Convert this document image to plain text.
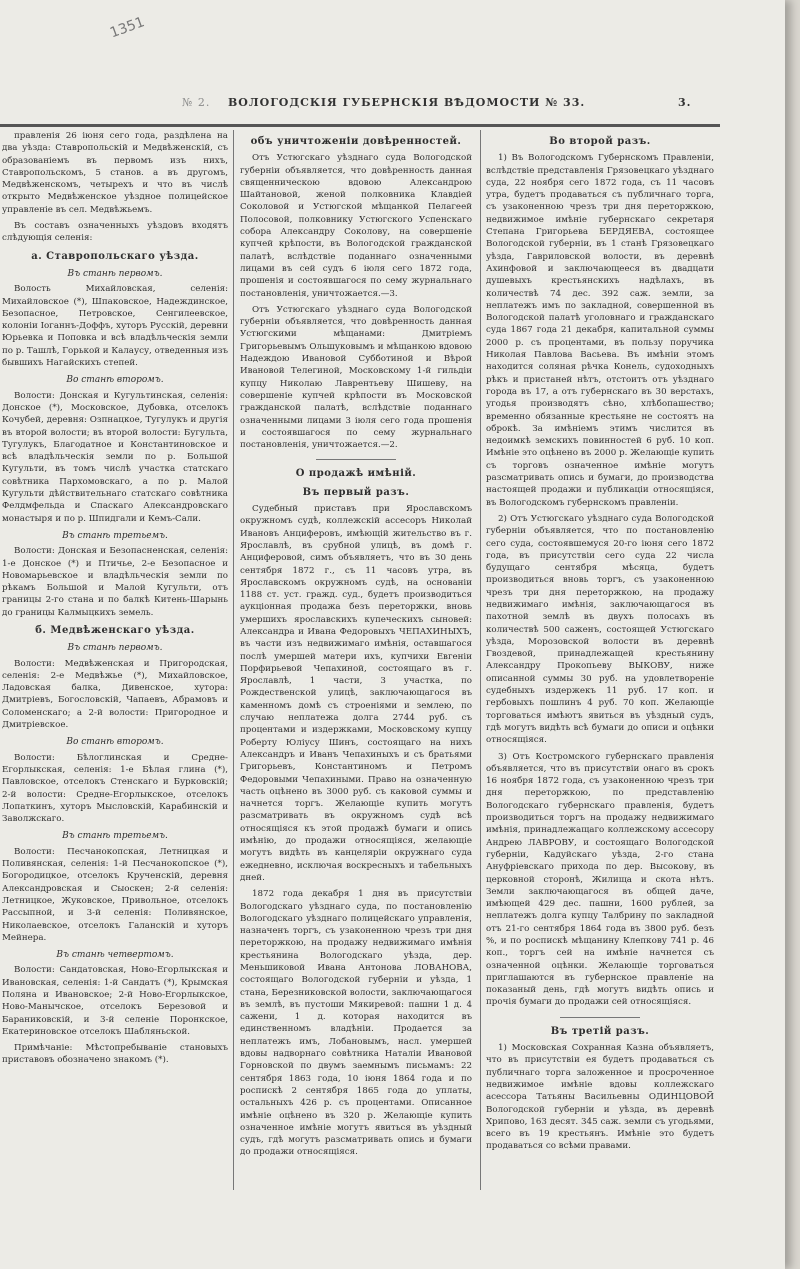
1351
№ 2. ВОЛОГОДСКІЯ ГУБЕРНСКІЯ ВѢДОМОСТИ № 33.	3.

правленія 26 іюня сего года, раздѣлена на два уѣзда: Ставропольскій и Медвѣженскій, съ образованіемъ въ первомъ изъ нихъ, Ставропольскомъ, 5 станов. а въ другомъ, Медвѣженскомъ, четырехъ и что въ числѣ открыто Медвѣженское уѣздное полицейское управленіе въ сел. Медвѣжьемъ.

Въ составъ означенныхъ уѣздовъ входятъ слѣдующія селенія:

а. Ставропольскаго уѣзда.
Въ станѣ первомъ.

Волость Михайловская, селенія: Михайловское (*), Шпаковское, Надеждинское, Безопасное, Петровское, Сенгилеевское, колоніи Іоганнъ-Доффъ, хуторъ Русскій, деревни Юрьевка и Поповка и всѣ владѣльческія земли по р. Ташлѣ, Горькой и Калаусу, отведенныя изъ бывшихъ Нагайскихъ степей.

Во станѣ второмъ.

Волости: Донская и Кугультинская, селенія: Донское (*), Московское, Дубовка, отселокъ Кочубей, деревня: Озпнацкое, Тугулукъ и другія въ второй волости; въ второй волости: Бугульта, Тугулукъ, Благодатное и Константиновское и всѣ владѣльческія земли по р. Большой Кугульти, въ томъ числѣ участка статскаго совѣтника Пархомовскаго, а по р. Малой Кугульти дѣйствительнаго статскаго совѣтника Фелдмфельда и Спаскаго Александровскаго монастыря и по р. Шпидгали и Кемъ-Сали.

Въ станѣ третьемъ.

Волости: Донская и Безопасненская, селенія: 1-е Донское (*) и Птичье, 2-е Безопасное и Новомарьевское и владѣльческія земли по рѣкамъ Большой и Малой Кугульти, отъ границы 2-го стана и по балкѣ Китень-Шарынь до границы Калмыцкихъ земель.

б. Медвѣженскаго уѣзда.
Въ станѣ первомъ.

Волости: Медвѣженская и Пригородская, селенія: 2-е Медвѣжье (*), Михайловское, Ладовская балка, Дивенское, хутора: Дмитріевъ, Богословскій, Чапаевъ, Абрамовъ и Соломенскаго; а 2-й волости: Пригородное и Дмитріевское.

Во станѣ второмъ.

Волости: Бѣлоглинская и Средне-Егорлыкская, селенія: 1-е Бѣлая глина (*), Павловское, отселокъ Стенскаго и Бурковскій; 2-й волости: Средне-Егорлыкское, отселокъ Лопаткинъ, хуторъ Мысловскій, Карабинскій и Заволжскаго.

Въ станѣ третьемъ.

Волости: Песчанокопская, Летницкая и Поливянская, селенія: 1-й Песчанокопское (*), Богородицкое, отселокъ Крученскій, деревня Александровская и Сыоскен; 2-й селенія: Летницкое, Жуковское, Привольное, отселокъ Рассыпной, и 3-й селенія: Поливянское, Николаевское, отселокъ Галанскій и хуторъ Мейнера.

Въ станѣ четвертомъ.

Волости: Сандатовская, Ново-Егорлыкская и Ивановская, селенія: 1-й Сандатъ (*), Крымская Поляна и Ивановское; 2-й Ново-Егорлыкское, Ново-Манычское, отселокъ Березовой и Бараниковскій, и 3-й селеніе Поронкское, Екатериновское отселокъ Шабляньской.

Примѣчаніе: Мѣстопребываніе становыхъ приставовъ обозначено знакомъ (*).

объ уничтоженіи довѣренностей.

Отъ Устюгскаго уѣзднаго суда Вологодской губерніи объявляется, что довѣренность данная священническою вдовою Александрою Шайтановой, женой полковника Клавдіей Соколовой и Устюгской мѣщанкой Пелагеей Полосовой, полковнику Устюгского Успенскаго собора Александру Соколову, на совершеніе купчей крѣпости, въ Вологодской гражданской палатѣ, вслѣдствіе поданнаго означенными лицами въ сей судъ 6 іюля сего 1872 года, прошенія и состоявшагося по сему журнальнаго постановленія, уничтожается.—3.

Отъ Устюгскаго уѣзднаго суда Вологодской губерніи объявляется, что довѣренность данная Устюгскими мѣщанами: Дмитріемъ Григорьевымъ Ольшуковымъ и мѣщанкою вдовою Надеждою Ивановой Субботиной и Вѣрой Ивановой Телегиной, Московскому 1-й гильдіи купцу Николаю Лаврентьеву Шишеву, на совершеніе купчей крѣпости въ Московской гражданской палатѣ, вслѣдствіе поданнаго означенными лицами 3 іюля сего года прошенія и состоявшагося по сему журнальнаго постановленія, уничтожается.—2.

О продажѣ имѣній.
Въ первый разъ.

Судебный приставъ при Ярославскомъ окружномъ судѣ, коллежскій ассесоръ Николай Ивановъ Анциферовъ, имѣющій жительство въ г. Ярославлѣ, въ срубной улицѣ, въ домѣ г. Анциферовой, симъ объявляетъ, что въ 30 день сентября 1872 г., съ 11 часовъ утра, въ Ярославскомъ окружномъ судѣ, на основаніи 1188 ст. уст. гражд. суд., будетъ производиться аукціонная продажа безъ переторжки, вновь умершихъ ярославскихъ купеческихъ сыновей: Александра и Ивана Федоровыхъ ЧЕПАХИНЫХЪ, въ части изъ недвижимаго имѣнія, оставшагося послѣ умершей матери ихъ, купчихи Евгеніи Порфирьевой Чепахиной, состоящаго въ г. Ярославлѣ, 1 части, 3 участка, по Рождественской улицѣ, заключающагося въ каменномъ домѣ съ строеніями и землею, по случаю неплатежа долга 2744 руб. съ процентами и издержками, Московскому купцу Роберту Юліусу Шинъ, состоящаго на нихъ Александръ и Иванъ Чепахиныхъ и съ братьями Григорьевъ, Константиномъ и Петромъ Федоровыми Чепахиными. Право на означенную часть оцѣнено въ 3000 руб. съ каковой суммы и начнется торгъ. Желающіе купить могутъ разсматривать въ окружномъ судѣ всѣ относящіяся къ этой продажѣ бумаги и опись имѣнію, до продажи относящіяся, желающіе могутъ видѣть въ канцеляріи окружнаго суда ежедневно, исключая воскресныхъ и табельныхъ дней.

1872 года декабря 1 дня въ присутствіи Вологодскаго уѣзднаго суда, по постановленію Вологодскаго уѣзднаго полицейскаго управленія, назначенъ торгъ, съ узаконенною чрезъ три дня переторжкою, на продажу недвижимаго имѣнія крестьянина Вологодскаго уѣзда, дер. Меньшиковой Ивана Антонова ЛОВАНОВА, состоящаго Вологодской губерніи и уѣзда, 1 стана, Березниковской волости, заключающагося въ землѣ, въ пустоши Мякиревой: пашни 1 д. 4 сажени, 1 д. которая находится въ единственномъ владѣніи. Продается за неплатежъ имъ, Лобановымъ, насл. умершей вдовы надворнаго совѣтника Наталіи Ивановой Горновской по двумъ заемнымъ письмамъ: 22 сентября 1863 года, 10 іюня 1864 года и по роспискѣ 2 сентября 1865 года до уплаты, остальныхъ 426 р. съ процентами. Описанное имѣніе оцѣнено въ 320 р. Желающіе купить означенное имѣніе могутъ явиться въ уѣздный судъ, гдѣ могутъ разсматривать опись и бумаги до продажи относящіяся.

Во второй разъ.

1) Въ Вологодскомъ Губернскомъ Правленіи, вслѣдствіе представленія Грязовецкаго уѣзднаго суда, 22 ноября сего 1872 года, съ 11 часовъ утра, будетъ продаваться съ публичнаго торга, съ узаконенною чрезъ три дня переторжкою, недвижимое имѣніе губернскаго секретаря Степана Григорьева БЕРДЯЕВА, состоящее Вологодской губерніи, въ 1 станѣ Грязовецкаго уѣзда, Гавриловской волости, въ деревнѣ Ахинфовой и заключающееся въ двадцати душевыхъ крестьянскихъ надѣлахъ, въ количествѣ 74 дес. 392 саж. земли, за неплатежъ имъ по закладной, совершенной въ Вологодской палатѣ уголовнаго и гражданскаго суда 1867 года 21 декабря, капитальной суммы 2000 р. съ процентами, въ пользу поручика Николая Павлова Васьева. Въ имѣніи этомъ находится соляная рѣчка Конель, судоходныхъ рѣкъ и пристаней нѣтъ, отстоитъ отъ уѣзднаго города въ 17, а отъ губернскаго въ 30 верстахъ, угодья производятъ сѣно, хлѣбопашество; временно обязанные крестьяне не состоятъ на оброкѣ. За имѣніемъ этимъ числится въ недоимкѣ земскихъ повинностей 6 руб. 10 коп. Имѣніе это оцѣнено въ 2000 р. Желающіе купить съ торговъ означенное имѣніе могутъ разсматривать опись и бумаги, до производства настоящей продажи и публикаціи относящіяся, въ Вологодскомъ губернскомъ правленіи.

2) Отъ Устюгскаго уѣзднаго суда Вологодской губерніи объявляется, что по постановленію сего суда, состоявшемуся 20-го іюня сего 1872 года, въ присутствіи сего суда 22 числа будущаго сентября мѣсяца, будетъ производиться вновь торгъ, съ узаконенною чрезъ три дня переторжкою, на продажу недвижимаго имѣнія, заключающагося въ пахотной землѣ въ двухъ полосахъ въ количествѣ 500 саженъ, состоящей Устюгскаго уѣзда, Морозовской волости въ деревнѣ Гвоздевой, принадлежащей крестьянину Александру Прокопьеву ВЫКОВУ, ниже описанной суммы 30 руб. на удовлетвореніе судебныхъ издержекъ 11 руб. 17 коп. и гербовыхъ пошлинъ 4 руб. 70 коп. Желающіе торговаться имѣютъ явиться въ уѣздный судъ, гдѣ могутъ видѣть всѣ бумаги до описи и оцѣнки относящіяся.

3) Отъ Костромского губернскаго правленія объявляется, что въ присутствіи онаго въ срокъ 16 ноября 1872 года, съ узаконенною чрезъ три дня переторжкою, по представленію Вологодскаго губернскаго правленія, будетъ производиться торгъ на продажу недвижимаго имѣнія, принадлежащаго коллежскому ассесору Андрею ЛАВРОВУ, и состоящаго Вологодской губерніи, Кадуйскаго уѣзда, 2-го стана Ануфріевскаго прихода по дер. Высокову, въ церковной сторонѣ, Жилища и скота нѣтъ. Земли заключающагося въ общей даче, имѣющей 429 дес. пашни, 1600 рублей, за неплатежъ долга купцу Талбрину по закладной отъ 21-го сентября 1864 года въ 3800 руб. безъ %, и по роспискѣ мѣщанину Клепкову 741 р. 46 коп., торгъ сей на имѣніе начнется съ означенной оцѣнки. Желающіе торговаться приглашаются въ губернское правленіе на показаный день, гдѣ могутъ видѣть опись и прочія бумаги до продажи сей относящіяся.

Въ третій разъ.

1) Московская Сохранная Казна объявляетъ, что въ присутствіи ея будетъ продаваться съ публичнаго торга заложенное и просроченное недвижимое имѣніе вдовы коллежскаго асессора Татьяны Васильевны ОДИНЦОВОЙ Вологодской губерніи и уѣзда, въ деревнѣ Хрипово, 163 десят. 345 саж. земли съ угодьями, всего въ 19 крестьянъ. Имѣніе это будетъ продаваться со всѣми правами.
